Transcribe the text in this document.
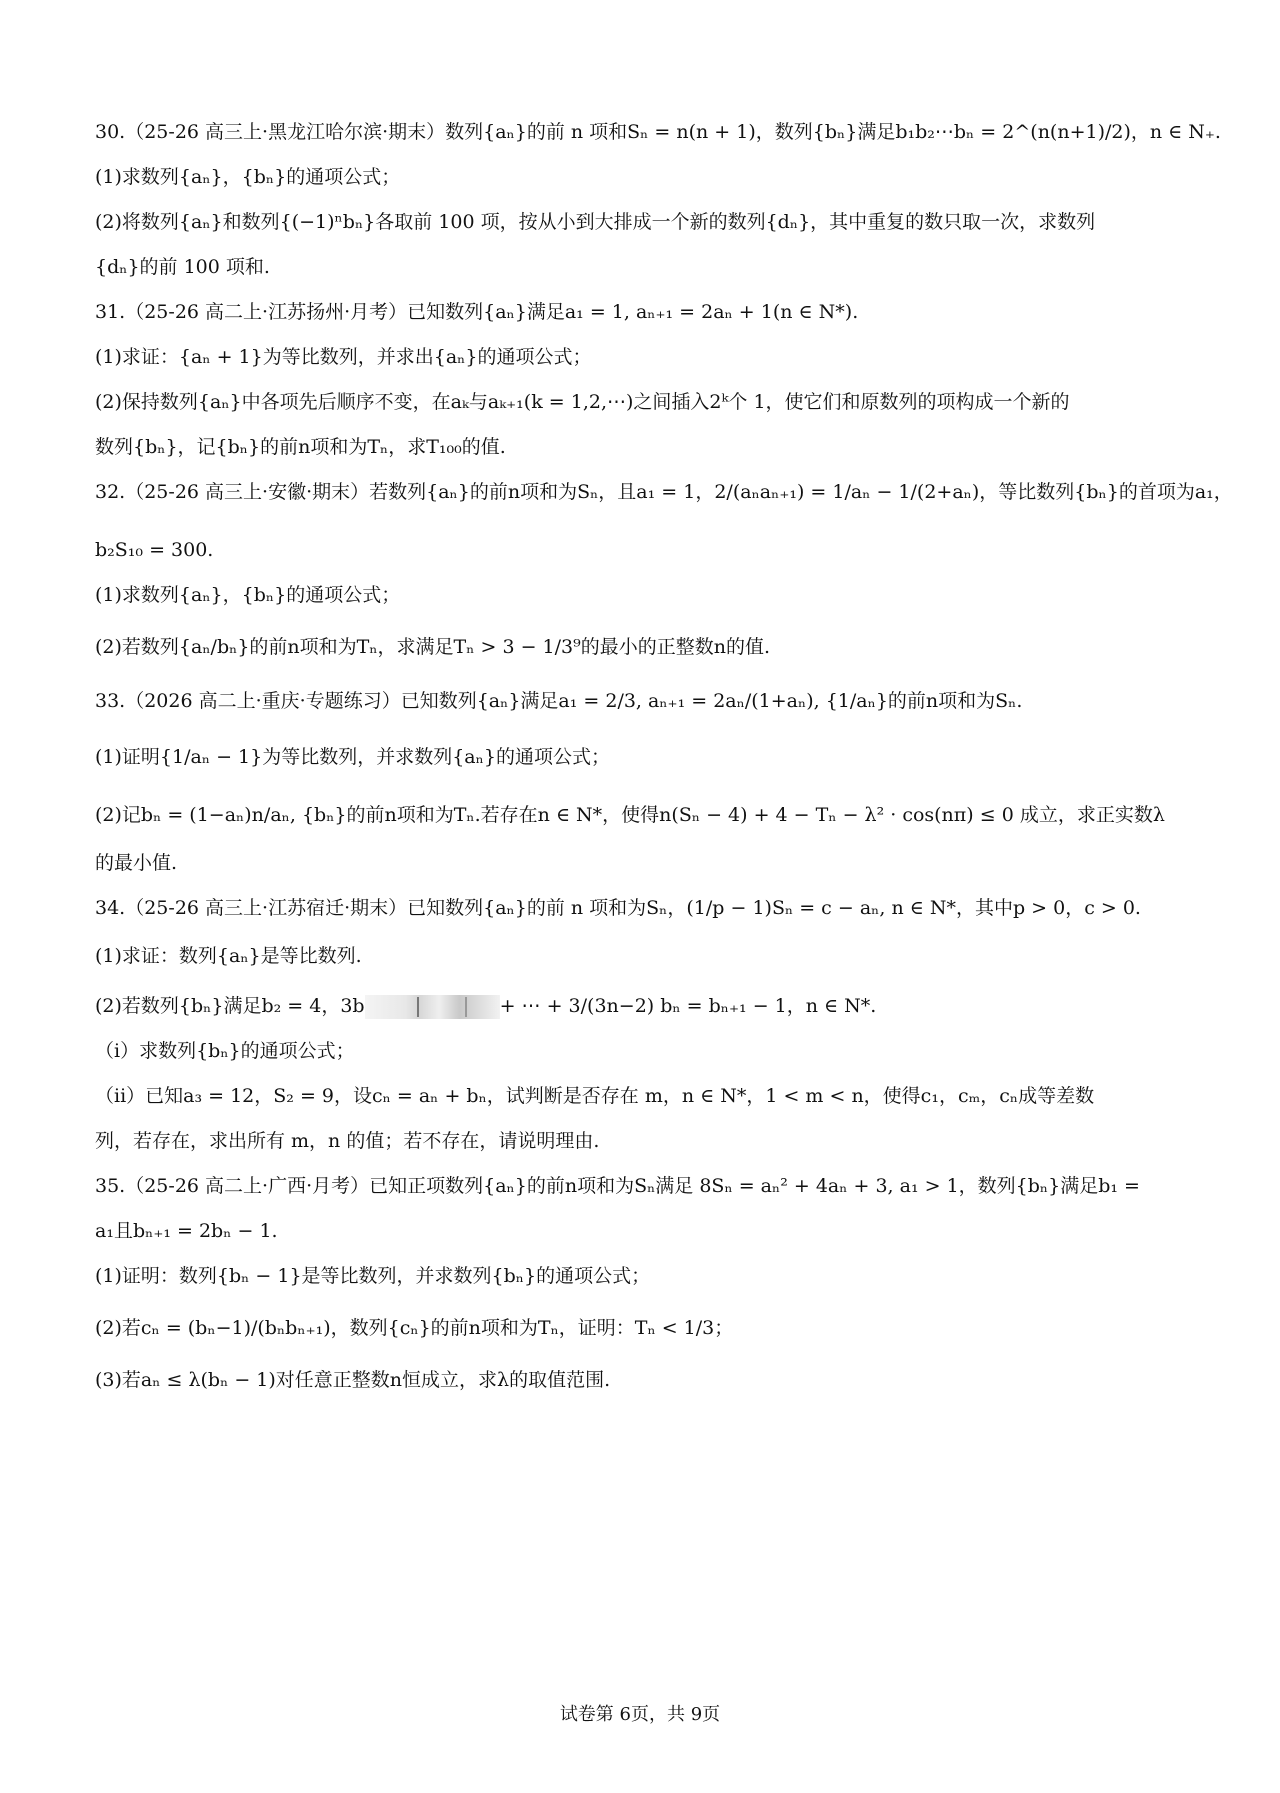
30.（25-26 高三上·黑龙江哈尔滨·期末）数列{aₙ}的前 n 项和Sₙ = n(n + 1)，数列{bₙ}满足b₁b₂⋯bₙ = 2^(n(n+1)/2)，n ∈ N₊.
(1)求数列{aₙ}，{bₙ}的通项公式；
(2)将数列{aₙ}和数列{(−1)ⁿbₙ}各取前 100 项，按从小到大排成一个新的数列{dₙ}，其中重复的数只取一次，求数列
{dₙ}的前 100 项和.
31.（25-26 高二上·江苏扬州·月考）已知数列{aₙ}满足a₁ = 1, aₙ₊₁ = 2aₙ + 1(n ∈ N*).
(1)求证：{aₙ + 1}为等比数列，并求出{aₙ}的通项公式；
(2)保持数列{aₙ}中各项先后顺序不变，在aₖ与aₖ₊₁(k = 1,2,⋯)之间插入2ᵏ个 1，使它们和原数列的项构成一个新的
数列{bₙ}，记{bₙ}的前n项和为Tₙ，求T₁₀₀的值.
32.（25-26 高三上·安徽·期末）若数列{aₙ}的前n项和为Sₙ，且a₁ = 1，2/(aₙaₙ₊₁) = 1/aₙ − 1/(2+aₙ)，等比数列{bₙ}的首项为a₁，
b₂S₁₀ = 300.
(1)求数列{aₙ}，{bₙ}的通项公式；
(2)若数列{aₙ/bₙ}的前n项和为Tₙ，求满足Tₙ > 3 − 1/3⁹的最小的正整数n的值.
33.（2026 高二上·重庆·专题练习）已知数列{aₙ}满足a₁ = 2/3, aₙ₊₁ = 2aₙ/(1+aₙ), {1/aₙ}的前n项和为Sₙ.
(1)证明{1/aₙ − 1}为等比数列，并求数列{aₙ}的通项公式；
(2)记bₙ = (1−aₙ)n/aₙ, {bₙ}的前n项和为Tₙ.若存在n ∈ N*，使得n(Sₙ − 4) + 4 − Tₙ − λ² · cos(nπ) ≤ 0 成立，求正实数λ
的最小值.
34.（25-26 高三上·江苏宿迁·期末）已知数列{aₙ}的前 n 项和为Sₙ，(1/p − 1)Sₙ = c − aₙ, n ∈ N*，其中p > 0，c > 0.
(1)求证：数列{aₙ}是等比数列.
(2)若数列{bₙ}满足b₂ = 4，3b	+ ⋯ + 3/(3n−2) bₙ = bₙ₊₁ − 1，n ∈ N*.
（i）求数列{bₙ}的通项公式；
（ii）已知a₃ = 12，S₂ = 9，设cₙ = aₙ + bₙ，试判断是否存在 m，n ∈ N*，1 < m < n，使得c₁，cₘ，cₙ成等差数
列，若存在，求出所有 m，n 的值；若不存在，请说明理由.
35.（25-26 高二上·广西·月考）已知正项数列{aₙ}的前n项和为Sₙ满足 8Sₙ = aₙ² + 4aₙ + 3, a₁ > 1，数列{bₙ}满足b₁ =
a₁且bₙ₊₁ = 2bₙ − 1.
(1)证明：数列{bₙ − 1}是等比数列，并求数列{bₙ}的通项公式；
(2)若cₙ = (bₙ−1)/(bₙbₙ₊₁)，数列{cₙ}的前n项和为Tₙ，证明：Tₙ < 1/3；
(3)若aₙ ≤ λ(bₙ − 1)对任意正整数n恒成立，求λ的取值范围.
试卷第 6页，共 9页
